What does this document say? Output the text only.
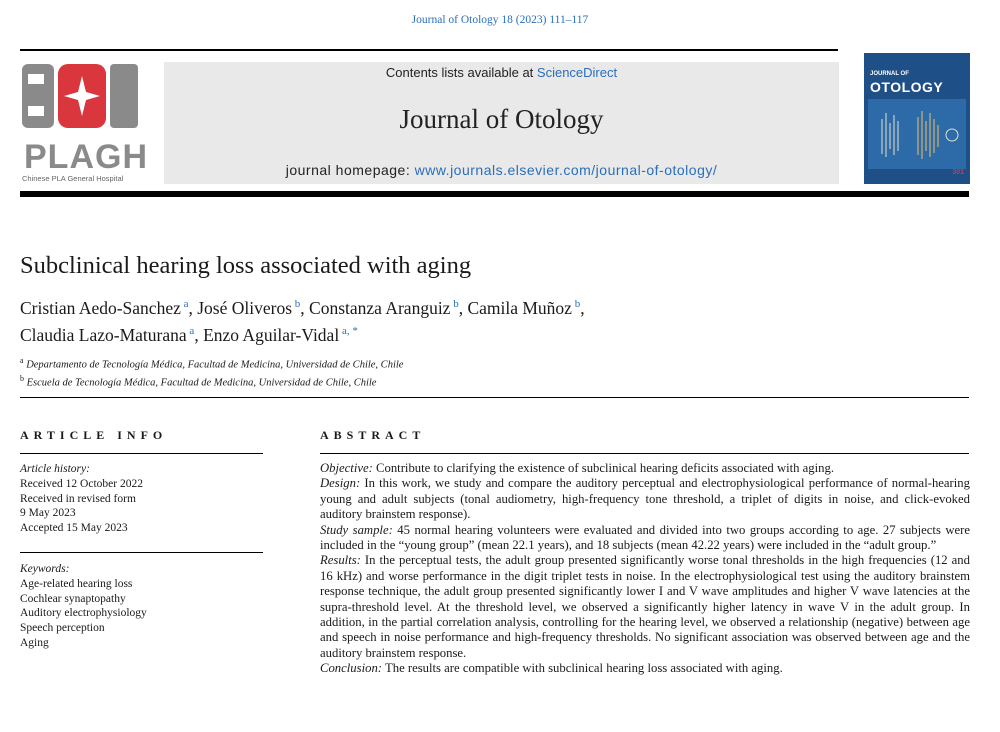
Journal of Otology 18 (2023) 111–117
PLAGH
Chinese PLA General Hospital
Contents lists available at ScienceDirect
Journal of Otology
journal homepage: www.journals.elsevier.com/journal-of-otology/
JOURNAL OF
OTOLOGY
301
Subclinical hearing loss associated with aging
Cristian Aedo-Sanchez $^a$, José Oliveros $^b$, Constanza Aranguiz $^b$, Camila Muñoz $^b$,
Claudia Lazo-Maturana $^a$, Enzo Aguilar-Vidal $^{a, *}$
$^a$ Departamento de Tecnología Médica, Facultad de Medicina, Universidad de Chile, Chile
$^b$ Escuela de Tecnología Médica, Facultad de Medicina, Universidad de Chile, Chile
ARTICLE INFO
Article history:
Received 12 October 2022
Received in revised form
9 May 2023
Accepted 15 May 2023
Keywords:
Age-related hearing loss
Cochlear synaptopathy
Auditory electrophysiology
Speech perception
Aging
ABSTRACT

Objective: Contribute to clarifying the existence of subclinical hearing deficits associated with aging.

Design: In this work, we study and compare the auditory perceptual and electrophysiological performance of normal-hearing young and adult subjects (tonal audiometry, high-frequency tone threshold, a triplet of digits in noise, and click-evoked auditory brainstem response).

Study sample: 45 normal hearing volunteers were evaluated and divided into two groups according to age. 27 subjects were included in the “young group” (mean 22.1 years), and 18 subjects (mean 42.22 years) were included in the “adult group.”

Results: In the perceptual tests, the adult group presented significantly worse tonal thresholds in the high frequencies (12 and 16 kHz) and worse performance in the digit triplet tests in noise. In the electrophysiological test using the auditory brainstem response technique, the adult group presented significantly lower I and V wave amplitudes and higher V wave latencies at the supra-threshold level. At the threshold level, we observed a significantly higher latency in wave V in the adult group. In addition, in the partial correlation analysis, controlling for the hearing level, we observed a relationship (negative) between age and speech in noise performance and high-frequency thresholds. No significant association was observed between age and the auditory brainstem response.

Conclusion: The results are compatible with subclinical hearing loss associated with aging.
